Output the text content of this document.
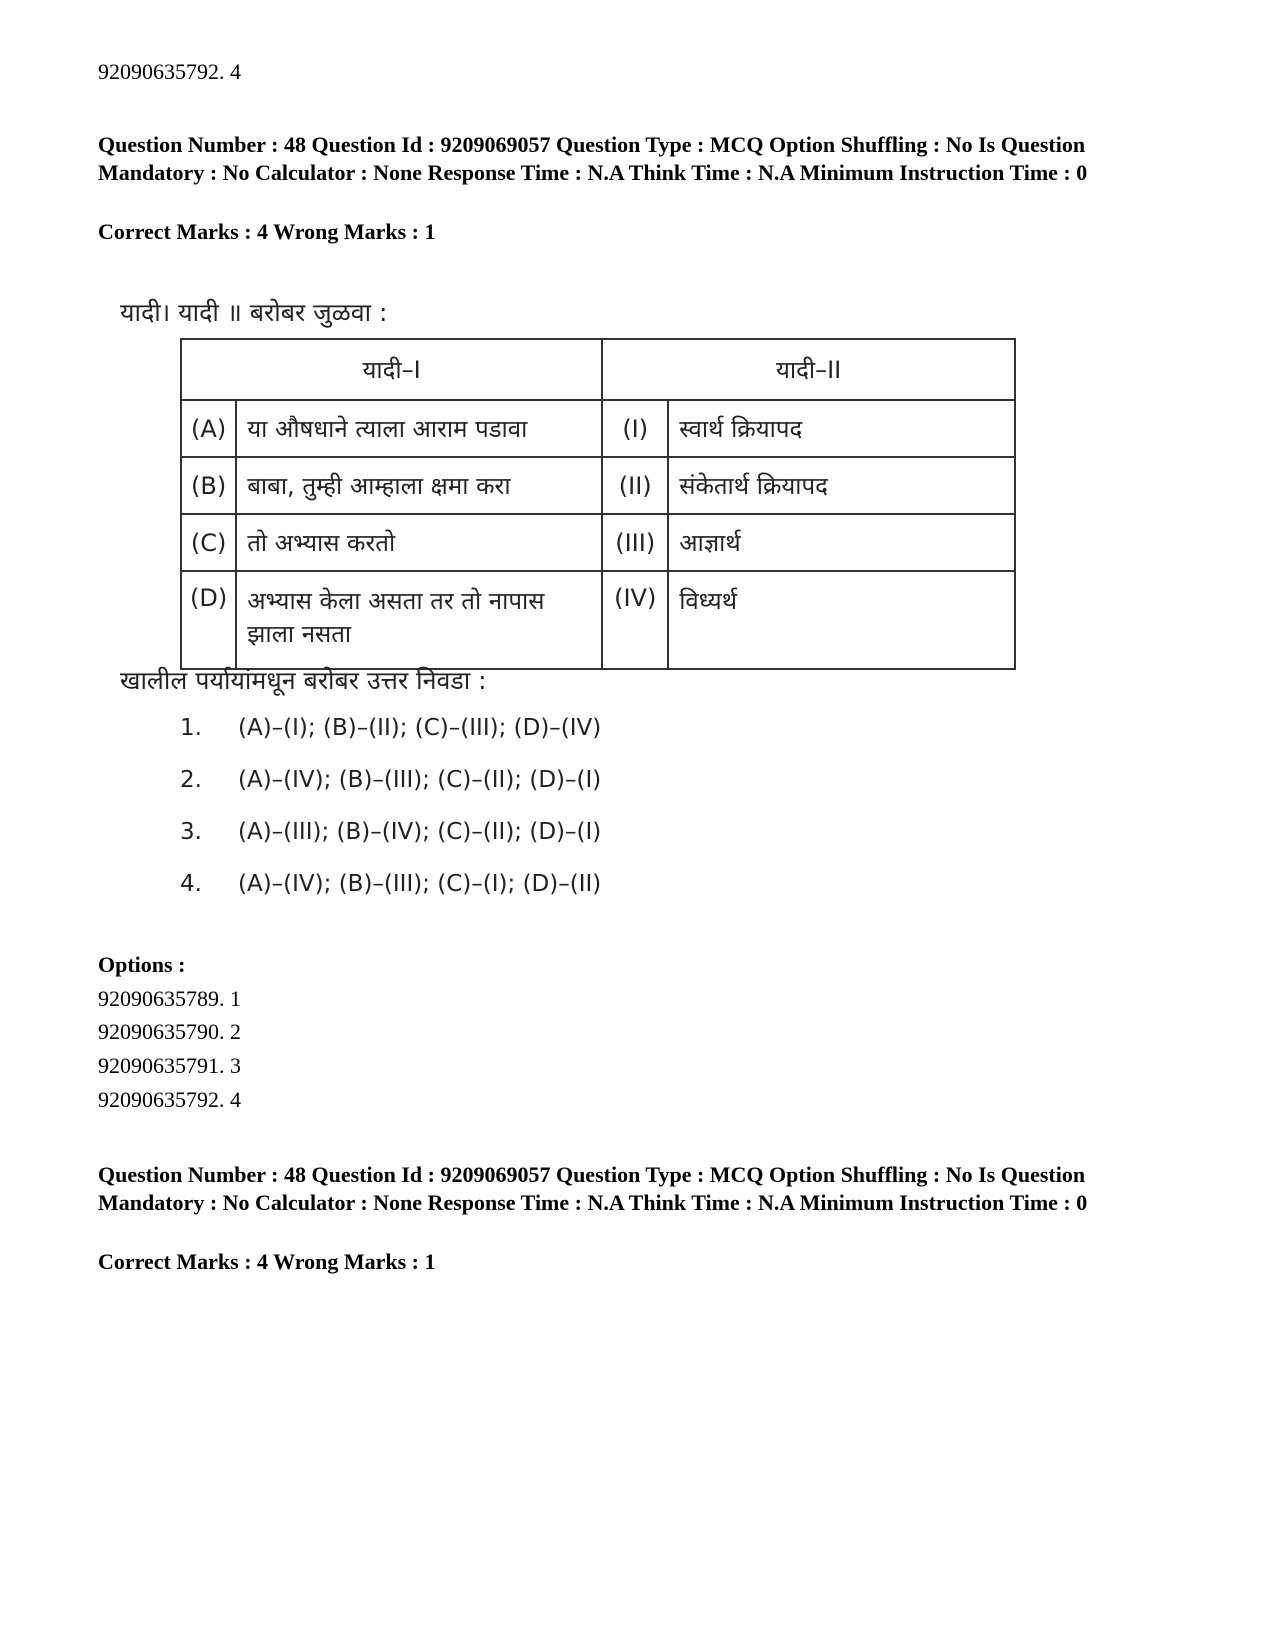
92090635792. 4
Question Number : 48 Question Id : 9209069057 Question Type : MCQ Option Shuffling : No Is Question Mandatory : No Calculator : None Response Time : N.A Think Time : N.A Minimum Instruction Time : 0
Correct Marks : 4 Wrong Marks : 1
यादी। यादी ॥ बरोबर जुळवा :
यादी–I		यादी–II	
(A)	या औषधाने त्याला आराम पडावा	(I)	स्वार्थ क्रियापद
(B)	बाबा, तुम्ही आम्हाला क्षमा करा	(II)	संकेतार्थ क्रियापद
(C)	तो अभ्यास करतो	(III)	आज्ञार्थ
(D)	अभ्यास केला असता तर तो नापास झाला नसता	(IV)	विध्यर्थ
खालील पर्यायांमधून बरोबर उत्तर निवडा :
1. (A)–(I); (B)–(II); (C)–(III); (D)–(IV)
2. (A)–(IV); (B)–(III); (C)–(II); (D)–(I)
3. (A)–(III); (B)–(IV); (C)–(II); (D)–(I)
4. (A)–(IV); (B)–(III); (C)–(I); (D)–(II)
Options :
92090635789. 1
92090635790. 2
92090635791. 3
92090635792. 4
Question Number : 48 Question Id : 9209069057 Question Type : MCQ Option Shuffling : No Is Question Mandatory : No Calculator : None Response Time : N.A Think Time : N.A Minimum Instruction Time : 0
Correct Marks : 4 Wrong Marks : 1
